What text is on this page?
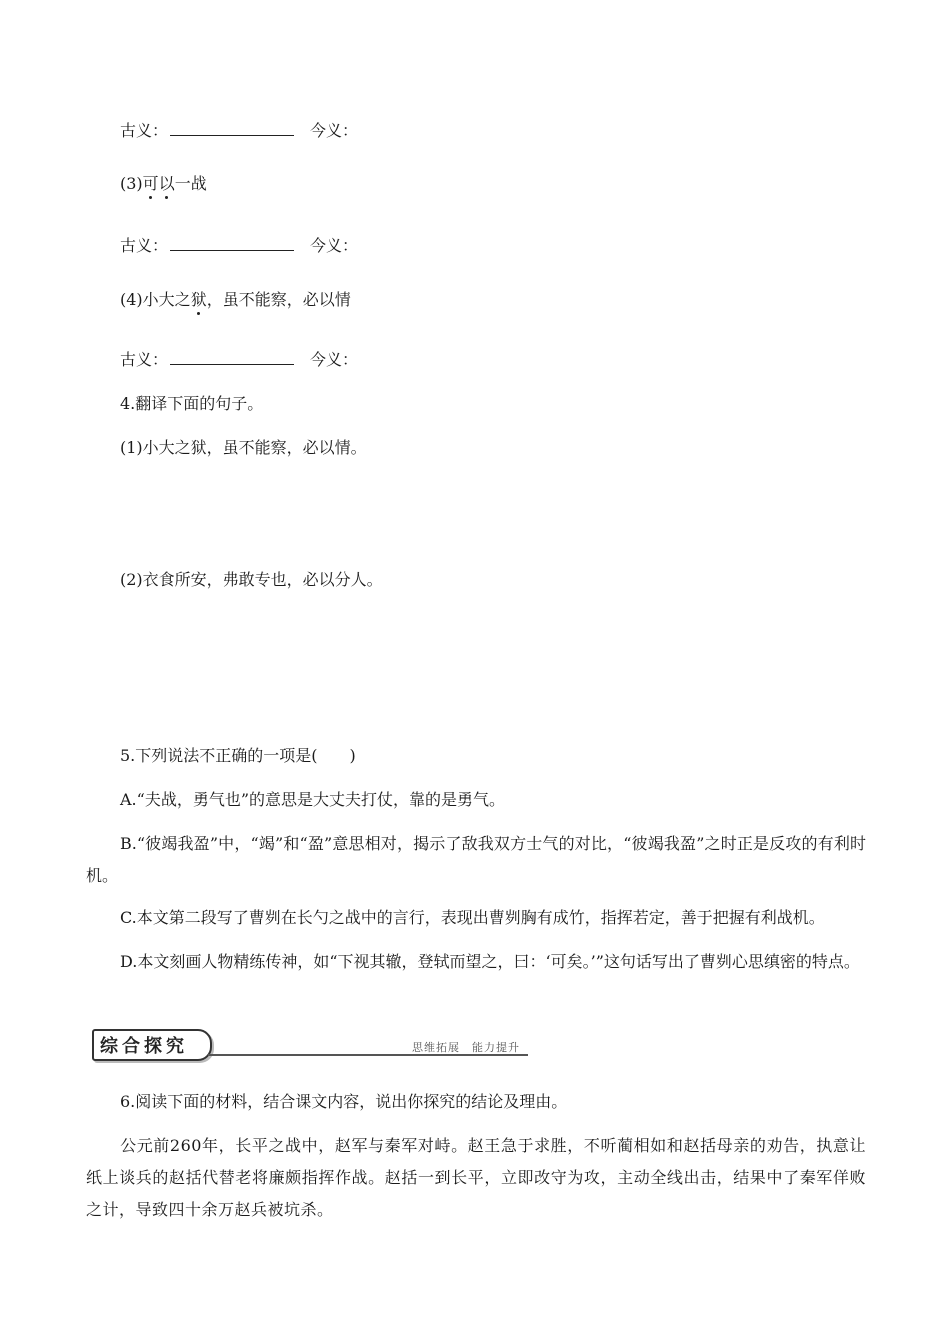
古义：	今义：
(3)可以一战
古义：	今义：
(4)小大之狱，虽不能察，必以情
古义：	今义：
4.翻译下面的句子。
(1)小大之狱，虽不能察，必以情。
(2)衣食所安，弗敢专也，必以分人。
5.下列说法不正确的一项是(　　)
A.“夫战，勇气也”的意思是大丈夫打仗，靠的是勇气。
B.“彼竭我盈”中，“竭”和“盈”意思相对，揭示了敌我双方士气的对比，“彼竭我盈”之时正是反攻的有利时机。
C.本文第二段写了曹刿在长勺之战中的言行，表现出曹刿胸有成竹，指挥若定，善于把握有利战机。
D.本文刻画人物精练传神，如“下视其辙，登轼而望之，曰：‘可矣。’”这句话写出了曹刿心思缜密的特点。
综合探究	思维拓展　能力提升
6.阅读下面的材料，结合课文内容，说出你探究的结论及理由。
公元前260年，长平之战中，赵军与秦军对峙。赵王急于求胜，不听蔺相如和赵括母亲的劝告，执意让纸上谈兵的赵括代替老将廉颇指挥作战。赵括一到长平，立即改守为攻，主动全线出击，结果中了秦军佯败之计，导致四十余万赵兵被坑杀。
